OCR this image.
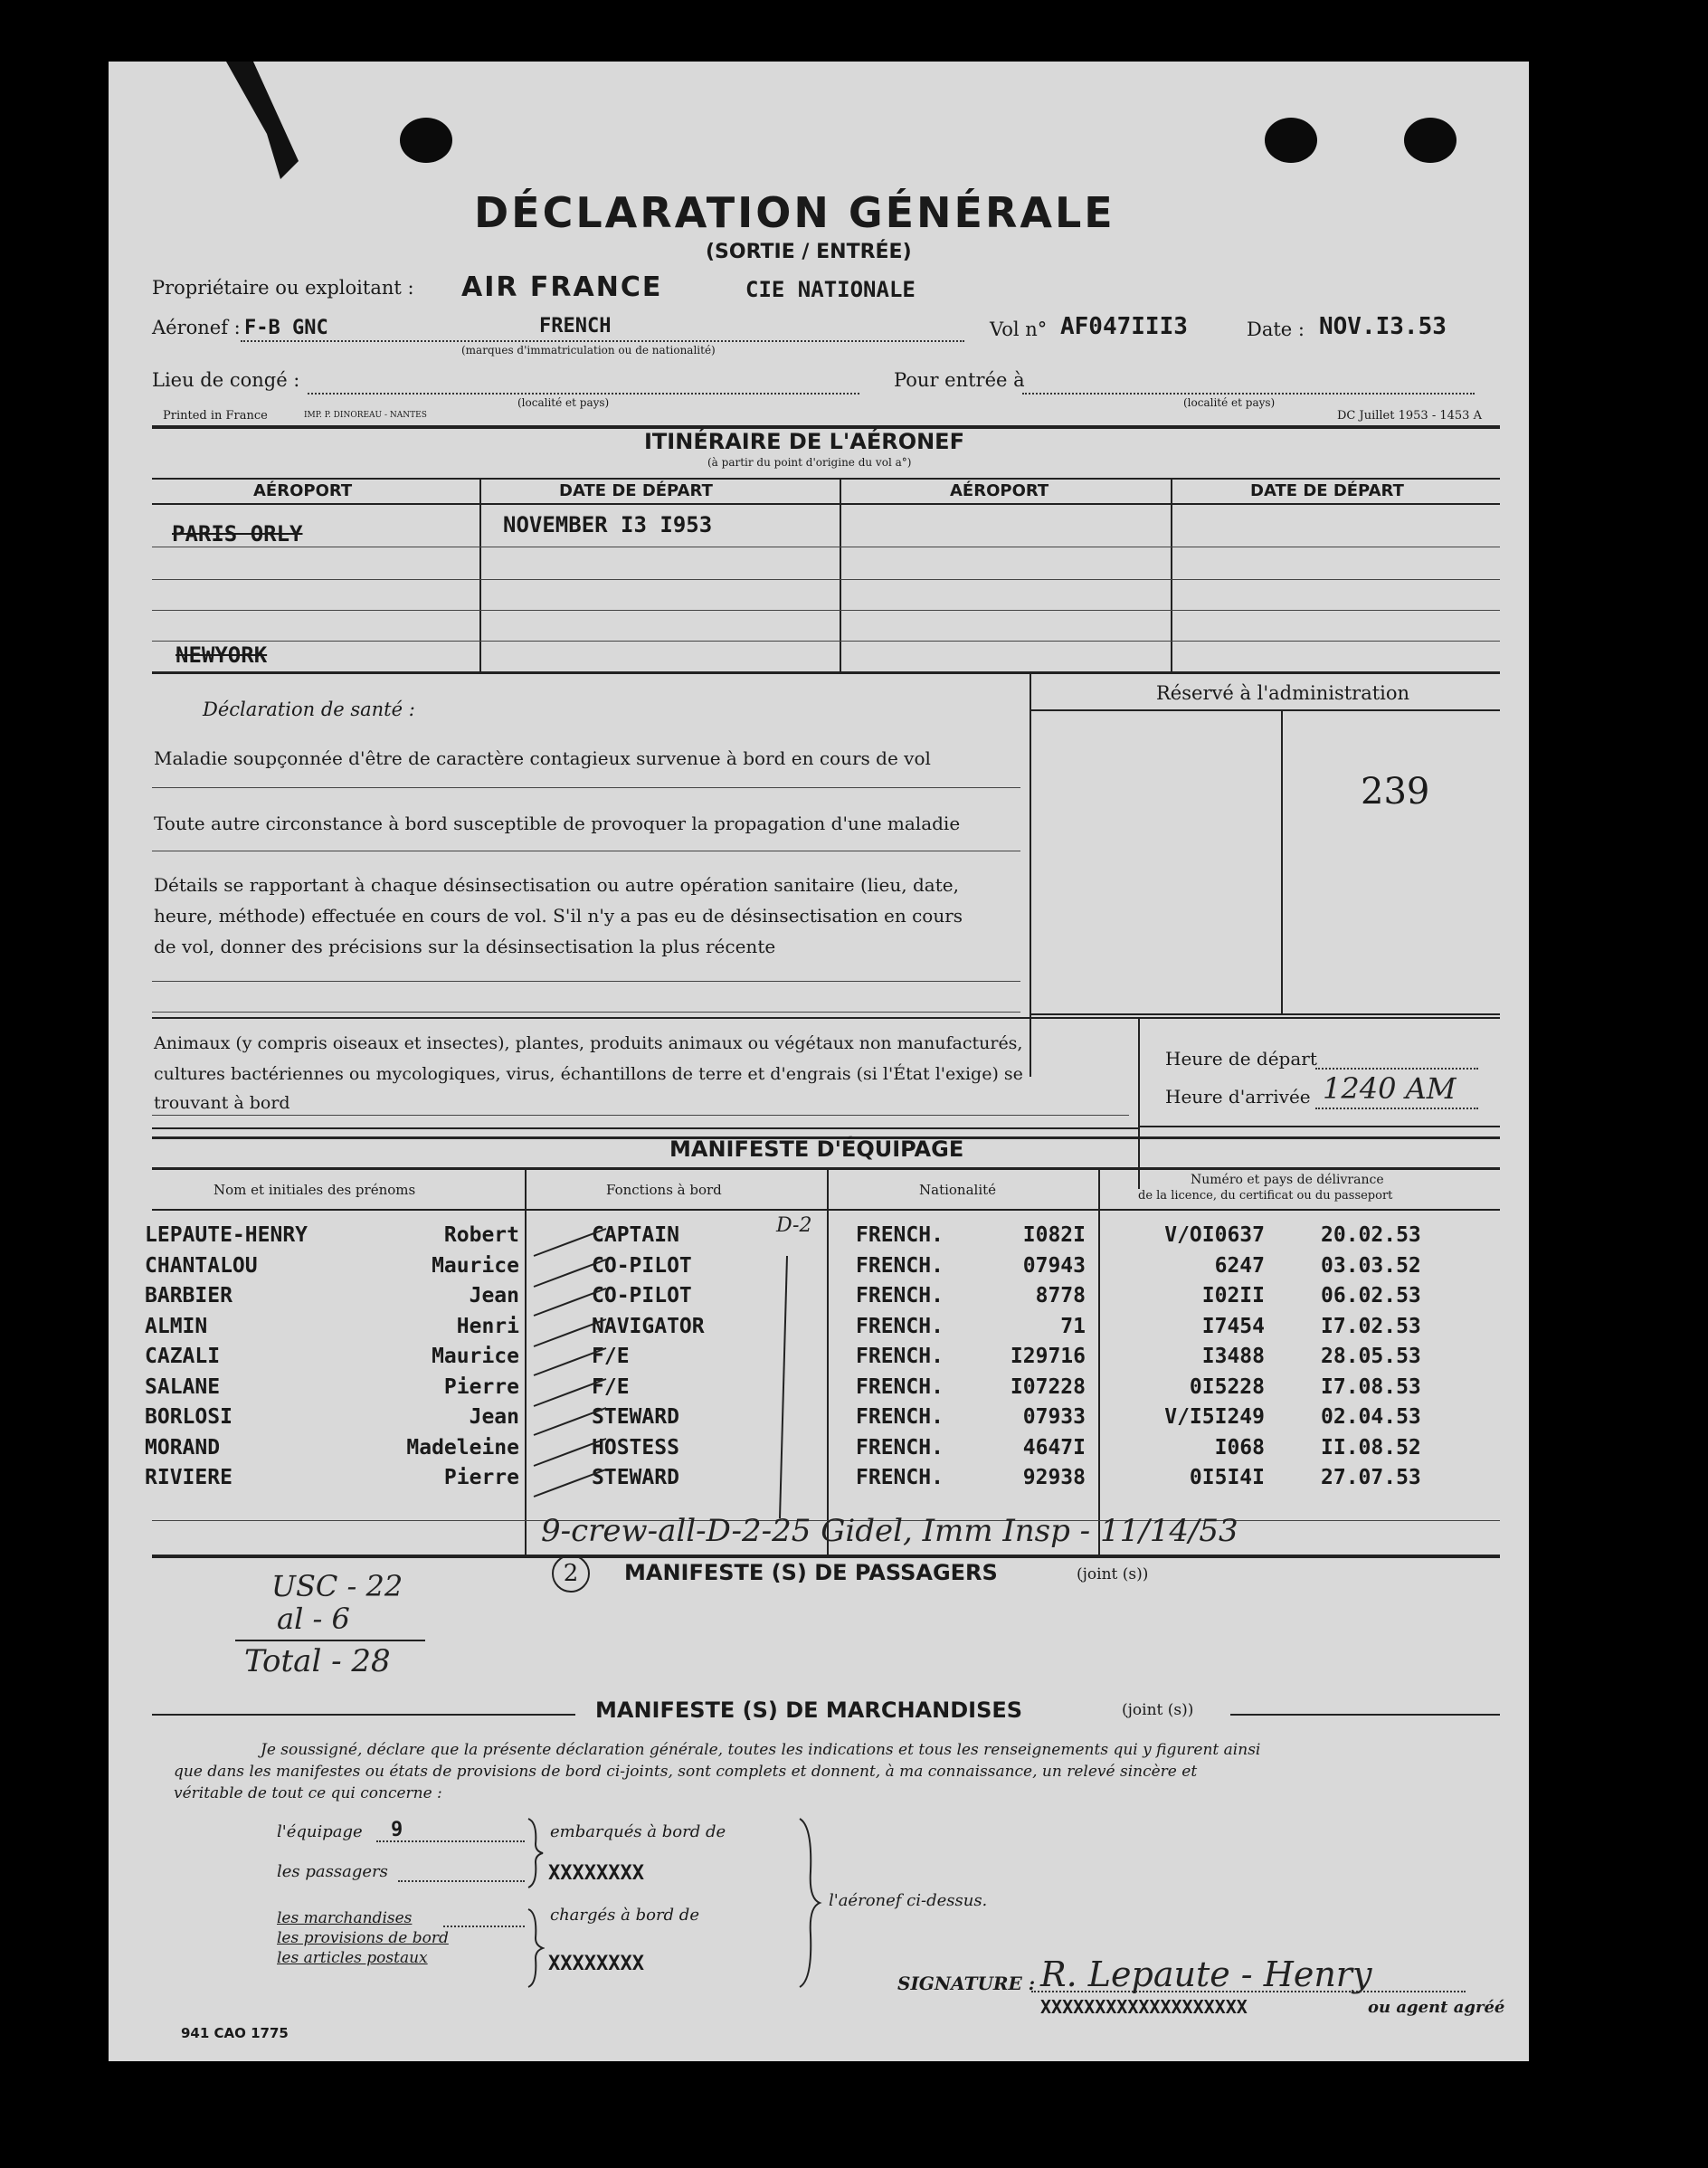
DÉCLARATION GÉNÉRALE
(SORTIE / ENTRÉE)
Propriétaire ou exploitant : AIR FRANCE	CIE NATIONALE
Aéronef : F-B GNC	FRENCH
(marques d'immatriculation ou de nationalité)
Vol n° AF047III3	Date : NOV.I3.53
Lieu de congé :
(localité et pays)
Pour entrée à
(localité et pays)
Printed in France	IMP. P. DINOREAU - NANTES	DC Juillet 1953 - 1453 A
ITINÉRAIRE DE L'AÉRONEF
(à partir du point d'origine du vol a°)
AÉROPORT	DATE DE DÉPART	AÉROPORT	DATE DE DÉPART
PARIS ORLY	NOVEMBER I3 I953
NEWYORK
Réservé à l'administration
239
Déclaration de santé :
Maladie soupçonnée d'être de caractère contagieux survenue à bord en cours de vol
Toute autre circonstance à bord susceptible de provoquer la propagation d'une maladie
Détails se rapportant à chaque désinsectisation ou autre opération sanitaire (lieu, date,
heure, méthode) effectuée en cours de vol. S'il n'y a pas eu de désinsectisation en cours
de vol, donner des précisions sur la désinsectisation la plus récente
Animaux (y compris oiseaux et insectes), plantes, produits animaux ou végétaux non manufacturés,
cultures bactériennes ou mycologiques, virus, échantillons de terre et d'engrais (si l'État l'exige) se
trouvant à bord
Heure de départ
Heure d'arrivée 1240 AM
MANIFESTE D'ÉQUIPAGE
Nom et initiales des prénoms	Fonctions à bord	Nationalité
Numéro et pays de délivrance
de la licence, du certificat ou du passeport
D-2
LEPAUTE-HENRY	Robert	CAPTAIN	FRENCH.	I082I	V/OI0637	20.02.53
CHANTALOU	Maurice	CO-PILOT	FRENCH.	07943	6247	03.03.52
BARBIER	Jean	CO-PILOT	FRENCH.	8778	I02II	06.02.53
ALMIN	Henri	NAVIGATOR	FRENCH.	71	I7454	I7.02.53
CAZALI	Maurice	F/E	FRENCH.	I29716	I3488	28.05.53
SALANE	Pierre	F/E	FRENCH.	I07228	0I5228	I7.08.53
BORLOSI	Jean	STEWARD	FRENCH.	07933	V/I5I249	02.04.53
MORAND	Madeleine	HOSTESS	FRENCH.	4647I	I068	II.08.52
RIVIERE	Pierre	STEWARD	FRENCH.	92938	0I5I4I	27.07.53
9-crew-all-D-2-25 Gidel, Imm Insp - 11/14/53
2	MANIFESTE (S) DE PASSAGERS	(joint (s))
USC - 22
al - 6
Total - 28
MANIFESTE (S) DE MARCHANDISES	(joint (s))
Je soussigné, déclare que la présente déclaration générale, toutes les indications et tous les renseignements qui y figurent ainsi
que dans les manifestes ou états de provisions de bord ci-joints, sont complets et donnent, à ma connaissance, un relevé sincère et
véritable de tout ce qui concerne :
l'équipage 9
les passagers
embarqués à bord de
XXXXXXXX
l'aéronef ci-dessus.
les marchandises
les provisions de bord
les articles postaux
chargés à bord de
XXXXXXXX
SIGNATURE : R. Lepaute - Henry
XXXXXXXXXXXXXXXXXXX	ou agent agréé
941 CAO 1775
